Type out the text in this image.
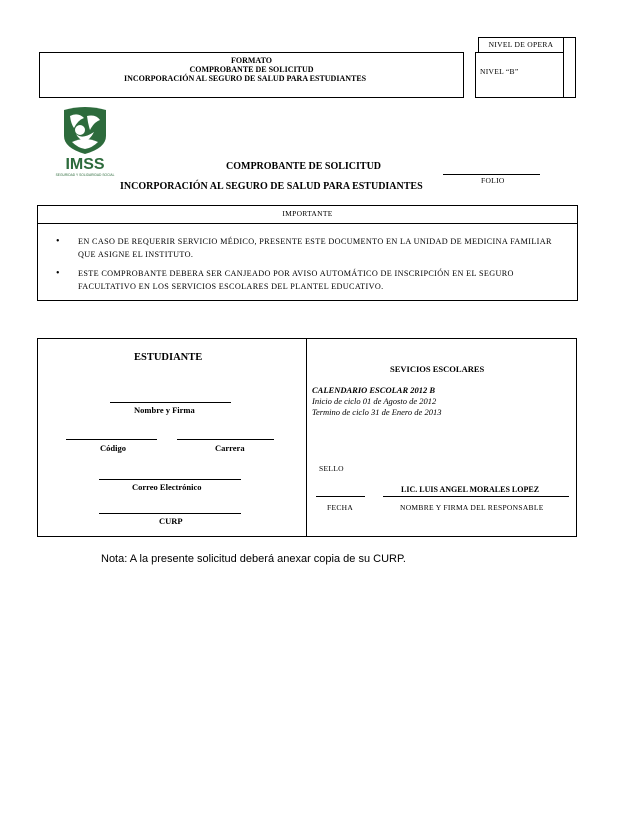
FORMATO
COMPROBANTE DE SOLICITUD
INCORPORACIÓN AL SEGURO DE SALUD PARA ESTUDIANTES
NIVEL DE OPERA
NIVEL “B”
IMSS
SEGURIDAD Y SOLIDARIDAD SOCIAL
COMPROBANTE DE SOLICITUD
FOLIO
INCORPORACIÓN AL SEGURO DE SALUD PARA ESTUDIANTES
IMPORTANTE
• EN CASO DE REQUERIR SERVICIO MÉDICO, PRESENTE ESTE DOCUMENTO EN LA UNIDAD DE MEDICINA FAMILIAR QUE ASIGNE EL INSTITUTO.
• ESTE COMPROBANTE DEBERA SER CANJEADO POR AVISO AUTOMÁTICO DE INSCRIPCIÓN EN EL SEGURO FACULTATIVO EN LOS SERVICIOS ESCOLARES DEL PLANTEL EDUCATIVO.
ESTUDIANTE
Nombre y Firma
Código	Carrera
Correo Electrónico
CURP
SEVICIOS ESCOLARES
CALENDARIO ESCOLAR 2012 B
Inicio de ciclo 01 de Agosto de 2012
Termino de ciclo 31 de Enero de 2013
SELLO
LIC. LUIS ANGEL MORALES LOPEZ
FECHA	NOMBRE Y FIRMA DEL RESPONSABLE
Nota: A la presente solicitud deberá anexar copia de su CURP.
